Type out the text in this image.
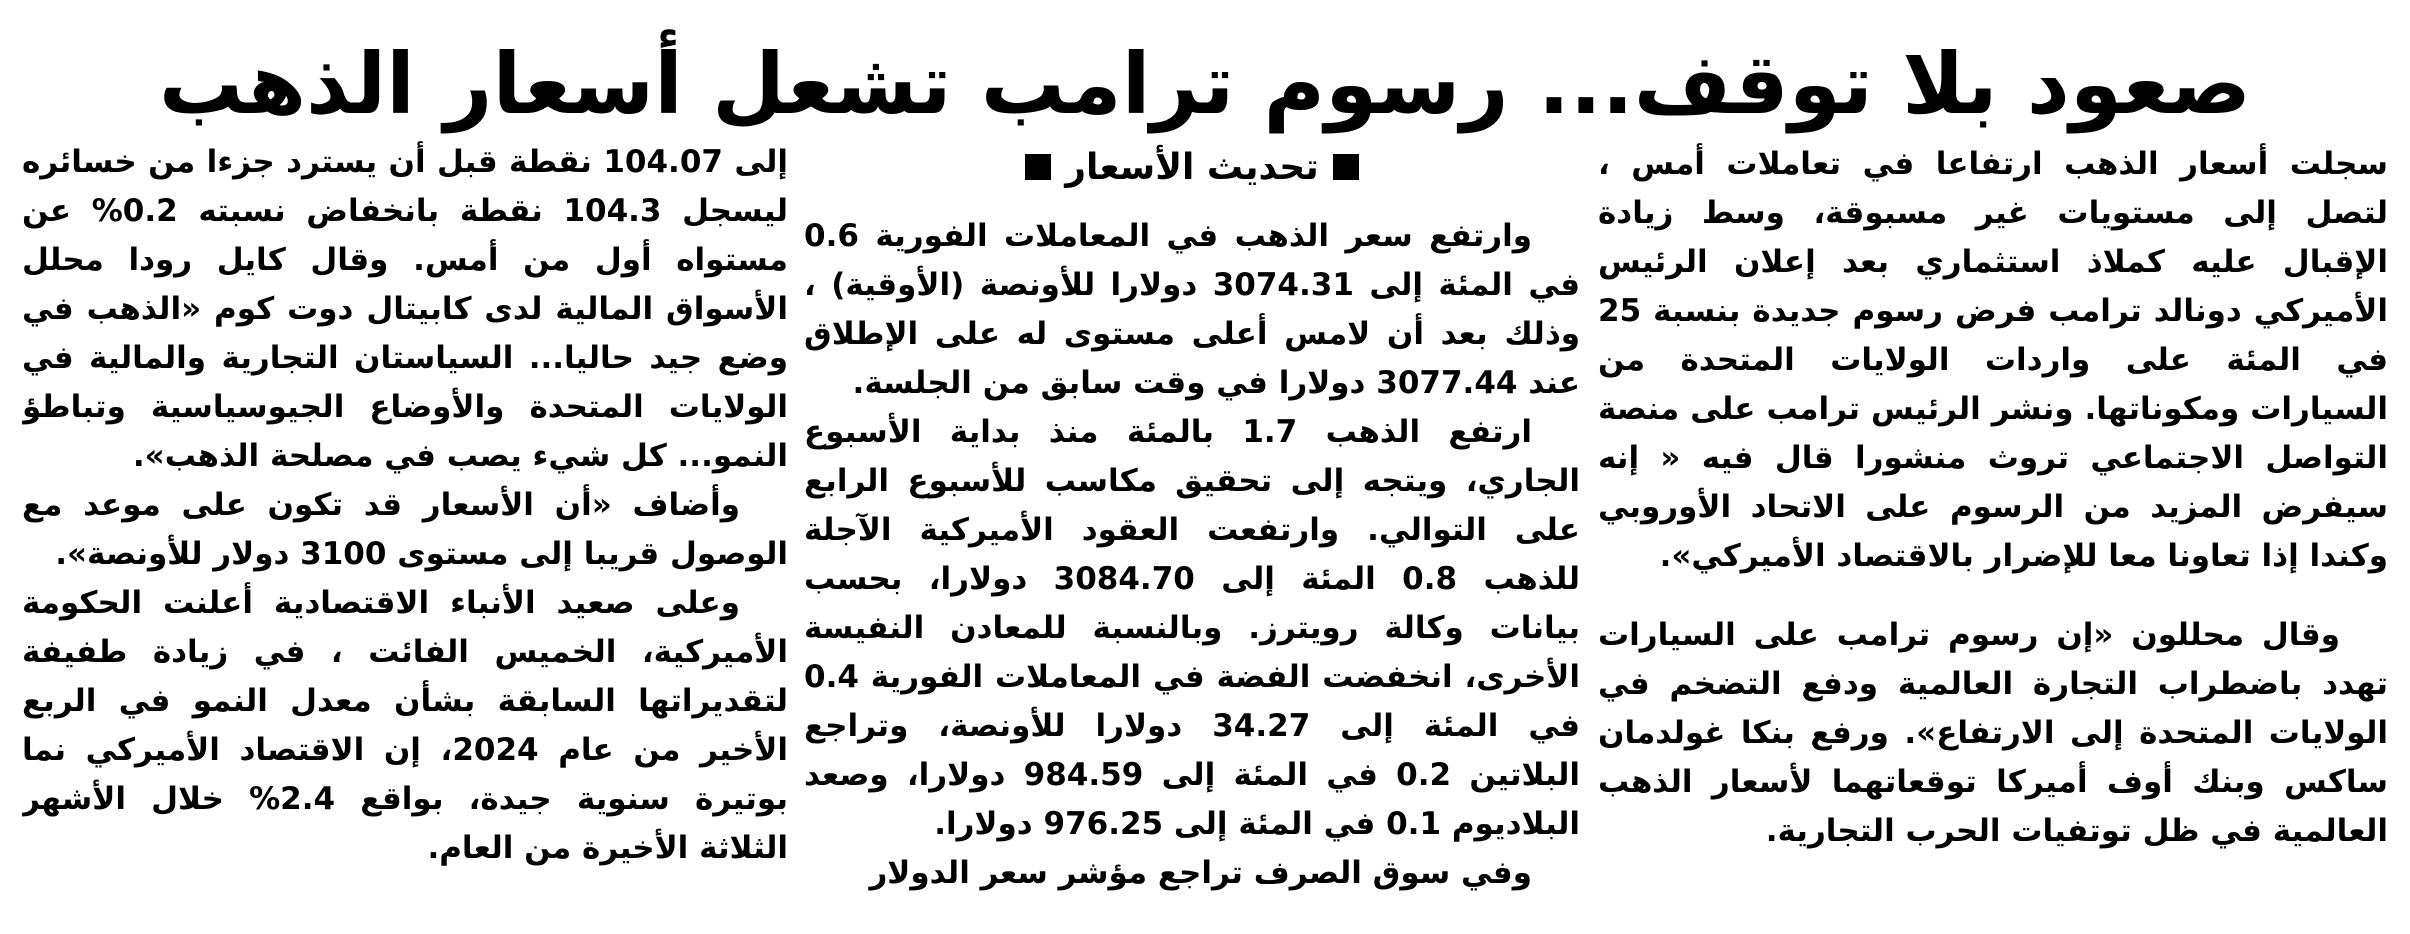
صعود بلا توقف... رسوم ترامب تشعل أسعار الذهب

سجلت أسعار الذهب ارتفاعا في تعاملات أمس ، لتصل إلى مستويات غير مسبوقة، وسط زيادة الإقبال عليه كملاذ استثماري بعد إعلان الرئيس الأميركي دونالد ترامب فرض رسوم جديدة بنسبة 25 في المئة على واردات الولايات المتحدة من السيارات ومكوناتها. ونشر الرئيس ترامب على منصة التواصل الاجتماعي تروث منشورا قال فيه « إنه سيفرض المزيد من الرسوم على الاتحاد الأوروبي وكندا إذا تعاونا معا للإضرار بالاقتصاد الأميركي».

وقال محللون «إن رسوم ترامب على السيارات تهدد باضطراب التجارة العالمية ودفع التضخم في الولايات المتحدة إلى الارتفاع». ورفع بنكا غولدمان ساكس وبنك أوف أميركا توقعاتهما لأسعار الذهب العالمية في ظل توتفيات الحرب التجارية.

تحديث الأسعار

وارتفع سعر الذهب في المعاملات الفورية 0.6 في المئة إلى 3074.31 دولارا للأونصة (الأوقية) ، وذلك بعد أن لامس أعلى مستوى له على الإطلاق عند 3077.44 دولارا في وقت سابق من الجلسة.

ارتفع الذهب 1.7 بالمئة منذ بداية الأسبوع الجاري، ويتجه إلى تحقيق مكاسب للأسبوع الرابع على التوالي. وارتفعت العقود الأميركية الآجلة للذهب 0.8 المئة إلى 3084.70 دولارا، بحسب بيانات وكالة رويترز. وبالنسبة للمعادن النفيسة الأخرى، انخفضت الفضة في المعاملات الفورية 0.4 في المئة إلى 34.27 دولارا للأونصة، وتراجع البلاتين 0.2 في المئة إلى 984.59 دولارا، وصعد البلاديوم 0.1 في المئة إلى 976.25 دولارا.

وفي سوق الصرف تراجع مؤشر سعر الدولار

إلى 104.07 نقطة قبل أن يسترد جزءا من خسائره ليسجل 104.3 نقطة بانخفاض نسبته 0.2% عن مستواه أول من أمس. وقال كايل رودا محلل الأسواق المالية لدى كابيتال دوت كوم «الذهب في وضع جيد حاليا... السياستان التجارية والمالية في الولايات المتحدة والأوضاع الجيوسياسية وتباطؤ النمو... كل شيء يصب في مصلحة الذهب».

وأضاف «أن الأسعار قد تكون على موعد مع الوصول قريبا إلى مستوى 3100 دولار للأونصة».

وعلى صعيد الأنباء الاقتصادية أعلنت الحكومة الأميركية، الخميس الفائت ، في زيادة طفيفة لتقديراتها السابقة بشأن معدل النمو في الربع الأخير من عام 2024، إن الاقتصاد الأميركي نما بوتيرة سنوية جيدة، بواقع 2.4% خلال الأشهر الثلاثة الأخيرة من العام.
